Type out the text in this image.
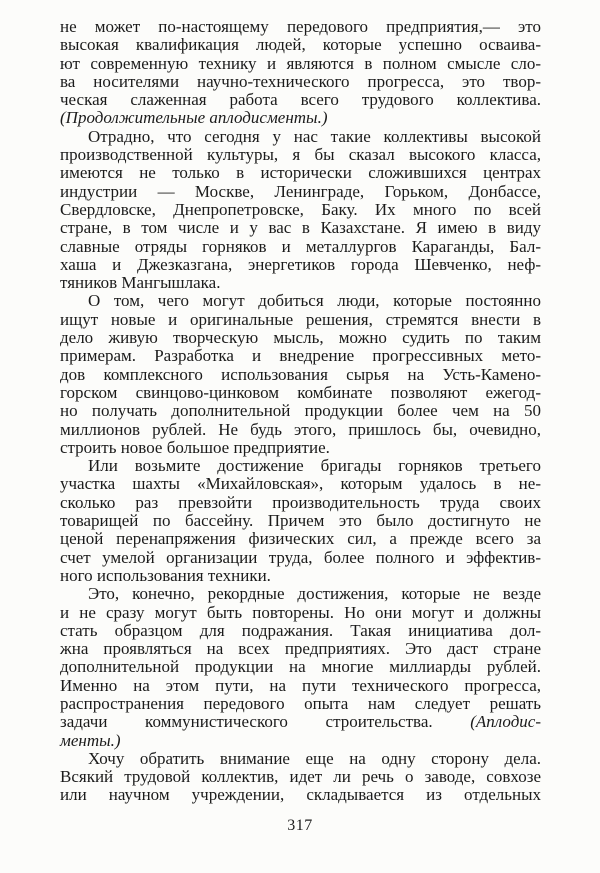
не может по-настоящему передового предприятия,— это
высокая квалификация людей, которые успешно осваива-
ют современную технику и являются в полном смысле сло-
ва носителями научно-технического прогресса, это твор-
ческая слаженная работа всего трудового коллектива.
(Продолжительные аплодисменты.)
Отрадно, что сегодня у нас такие коллективы высокой
производственной культуры, я бы сказал высокого класса,
имеются не только в исторически сложившихся центрах
индустрии — Москве, Ленинграде, Горьком, Донбассе,
Свердловске, Днепропетровске, Баку. Их много по всей
стране, в том числе и у вас в Казахстане. Я имею в виду
славные отряды горняков и металлургов Караганды, Бал-
хаша и Джезказгана, энергетиков города Шевченко, неф-
тяников Мангышлака.
О том, чего могут добиться люди, которые постоянно
ищут новые и оригинальные решения, стремятся внести в
дело живую творческую мысль, можно судить по таким
примерам. Разработка и внедрение прогрессивных мето-
дов комплексного использования сырья на Усть-Камено-
горском свинцово-цинковом комбинате позволяют ежегод-
но получать дополнительной продукции более чем на 50
миллионов рублей. Не будь этого, пришлось бы, очевидно,
строить новое большое предприятие.
Или возьмите достижение бригады горняков третьего
участка шахты «Михайловская», которым удалось в не-
сколько раз превзойти производительность труда своих
товарищей по бассейну. Причем это было достигнуто не
ценой перенапряжения физических сил, а прежде всего за
счет умелой организации труда, более полного и эффектив-
ного использования техники.
Это, конечно, рекордные достижения, которые не везде
и не сразу могут быть повторены. Но они могут и должны
стать образцом для подражания. Такая инициатива дол-
жна проявляться на всех предприятиях. Это даст стране
дополнительной продукции на многие миллиарды рублей.
Именно на этом пути, на пути технического прогресса,
распространения передового опыта нам следует решать
задачи коммунистического строительства. (Аплодис-
менты.)
Хочу обратить внимание еще на одну сторону дела.
Всякий трудовой коллектив, идет ли речь о заводе, совхозе
или научном учреждении, складывается из отдельных
317
